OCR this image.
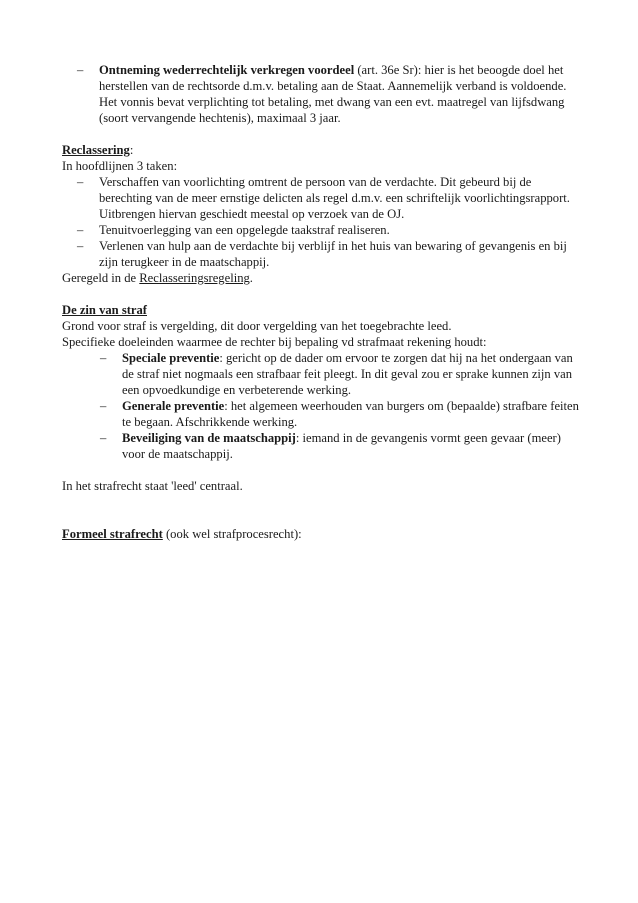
– Ontneming wederrechtelijk verkregen voordeel (art. 36e Sr): hier is het beoogde doel het herstellen van de rechtsorde d.m.v. betaling aan de Staat. Aannemelijk verband is voldoende. Het vonnis bevat verplichting tot betaling, met dwang van een evt. maatregel van lijfsdwang (soort vervangende hechtenis), maximaal 3 jaar.

Reclassering:

In hoofdlijnen 3 taken:

– Verschaffen van voorlichting omtrent de persoon van de verdachte. Dit gebeurd bij de berechting van de meer ernstige delicten als regel d.m.v. een schriftelijk voorlichtingsrapport. Uitbrengen hiervan geschiedt meestal op verzoek van de OJ.
– Tenuitvoerlegging van een opgelegde taakstraf realiseren.
– Verlenen van hulp aan de verdachte bij verblijf in het huis van bewaring of gevangenis en bij zijn terugkeer in de maatschappij.

Geregeld in de Reclasseringsregeling.

De zin van straf

Grond voor straf is vergelding, dit door vergelding van het toegebrachte leed.

Specifieke doeleinden waarmee de rechter bij bepaling vd strafmaat rekening houdt:

– Speciale preventie: gericht op de dader om ervoor te zorgen dat hij na het ondergaan van de straf niet nogmaals een strafbaar feit pleegt. In dit geval zou er sprake kunnen zijn van een opvoedkundige en verbeterende werking.
– Generale preventie: het algemeen weerhouden van burgers om (bepaalde) strafbare feiten te begaan. Afschrikkende werking.
– Beveiliging van de maatschappij: iemand in de gevangenis vormt geen gevaar (meer) voor de maatschappij.

In het strafrecht staat 'leed' centraal.

Formeel strafrecht (ook wel strafprocesrecht):
